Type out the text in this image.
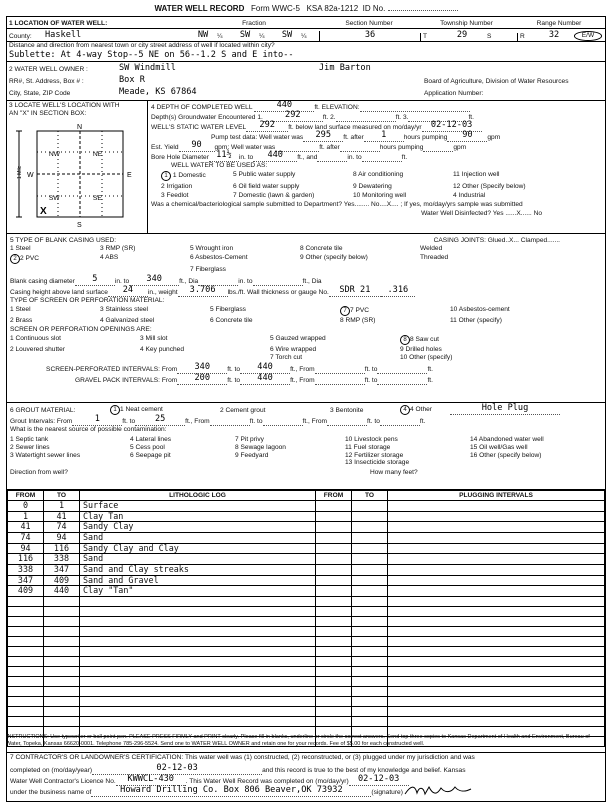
WATER WELL RECORD Form WWC-5 KSA 82a-1212 ID No.
1 LOCATION OF WATER WELL:	Fraction	Section Number	Township Number	Range Number
County:	Haskell	NW	¼	SW	¼	SW	¼	36	T	29	S	R	32	E/W
Distance and direction from nearest town or city street address of well if located within city?
Sublette: At 4-way Stop--5 NE on 56--1.2 S and E into--
2 WATER WELL OWNER :	SW Windmill	Jim Barton
RR#, St. Address, Box # :	Box R	Board of Agriculture, Division of Water Resources
City, State, ZIP Code	Meade, KS 67864	Application Number:
3 LOCATE WELL'S LOCATION WITH AN "X" IN SECTION BOX:
N
S
W	E
NW	NE
SW	SE
1 Mile
X
4 DEPTH OF COMPLETED WELL
	440	ft. ELEVATION:
Depth(s) Groundwater Encountered
1.	292	ft. 2.	ft. 3.	ft.
WELL'S STATIC WATER LEVEL	292	ft. below land surface measured on mo/day/yr	02-12-03
Pump test data: Well water was	295	ft. after	1	hours pumping	90	gpm
Est. Yield	90	gpm: Well water was	ft. after	hours pumping	gpm
Bore Hole Diameter 11½	in. to	440	ft., and	in. to	ft.
WELL WATER TO BE USED AS:
1 1 Domestic	5 Public water supply	8 Air conditioning	11 Injection well
2 Irrigation	6 Oil field water supply	9 Dewatering	12 Other (Specify below)
3 Feedlot	7 Domestic (lawn & garden)	10 Monitoring well	4 Industrial
Was a chemical/bacteriological sample submitted to Department? Yes........ No....X.... ; If yes, mo/day/yrs sample was submitted
Water Well Disinfected? Yes ......X...... No
5 TYPE OF BLANK CASING USED:	CASING JOINTS: Glued..X... Clamped.......
1 Steel	3 RMP (SR)	5 Wrought iron	8 Concrete tile	Welded
2 2 PVC	4 ABS	6 Asbestos-Cement	9 Other (specify below)	Threaded
7 Fiberglass
Blank casing diameter	5	in. to	340	ft., Dia	in. to	ft., Dia
Casing height above land surface	24	in., weight	3.706	lbs./ft. Wall thickness or gauge No.	SDR 21	.316
TYPE OF SCREEN OR PERFORATION MATERIAL:
1 Steel	3 Stainless steel	5 Fiberglass	7 7 PVC	10 Asbestos-cement
2 Brass	4 Galvanized steel	6 Concrete tile	8 RMP (SR)	11 Other (specify)
SCREEN OR PERFORATION OPENINGS ARE:
1 Continuous slot	3 Mill slot	5 Gauzed wrapped	8 8 Saw cut
2 Louvered shutter	4 Key punched	6 Wire wrapped	9 Drilled holes
7 Torch cut	10 Other (specify)
SCREEN-PERFORATED INTERVALS:
From	340	ft. to	440	ft., From	ft. to	ft.
GRAVEL PACK INTERVALS:
From	200	ft. to	440	ft., From	ft. to	ft.
6 GROUT MATERIAL:	1 1 Neat cement	2 Cement grout	3 Bentonite	4 4 Other	Hole Plug
Grout Intervals: From	1	ft. to	25	ft., From	ft. to	ft., From	ft. to	ft.
What is the nearest source of possible contamination:
1 Septic tank	4 Lateral lines	7 Pit privy	10 Livestock pens	14 Abandoned water well
2 Sewer lines	5 Cess pool	8 Sewage lagoon	11 Fuel storage	15 Oil well/Gas well
3 Watertight sewer lines	6 Seepage pit	9 Feedyard	12 Fertilizer storage	16 Other (specify below)
13 Insecticide storage
Direction from well?	How many feet?
FROM	TO	LITHOLOGIC LOG	FROM	TO	PLUGGING INTERVALS
0	1	Surface			
1	41	Clay Tan			
41	74	Sandy Clay			
74	94	Sand			
94	116	Sandy Clay and Clay			
116	338	Sand			
338	347	Sand and Clay streaks			
347	409	Sand and Gravel			
409	440	Clay "Tan"			

7 CONTRACTOR'S OR LANDOWNER'S CERTIFICATION: This water well was (1) constructed, (2) reconstructed, or (3) plugged under my jurisdiction and was
completed on (mo/day/year)	02-12-03	and this record is true to the best of my knowledge and belief. Kansas
Water Well Contractor's Licence No.	KWWCL-430	. This Water Well Record was completed on (mo/day/yr)	02-12-03
under the business name of	Howard Drilling Co. Box 806 Beaver,OK 73932	(signature)
INSTRUCTIONS: Use typewriter or ball point pen. PLEASE PRESS FIRMLY and PRINT clearly. Please fill in blanks, underline or circle the correct answers. Send top three copies to Kansas Department of Health and Environment, Bureau of Water, Topeka, Kansas 66620-0001. Telephone 785-296-5524. Send one to WATER WELL OWNER and retain one for your records. Fee of $5.00 for each constructed well.
